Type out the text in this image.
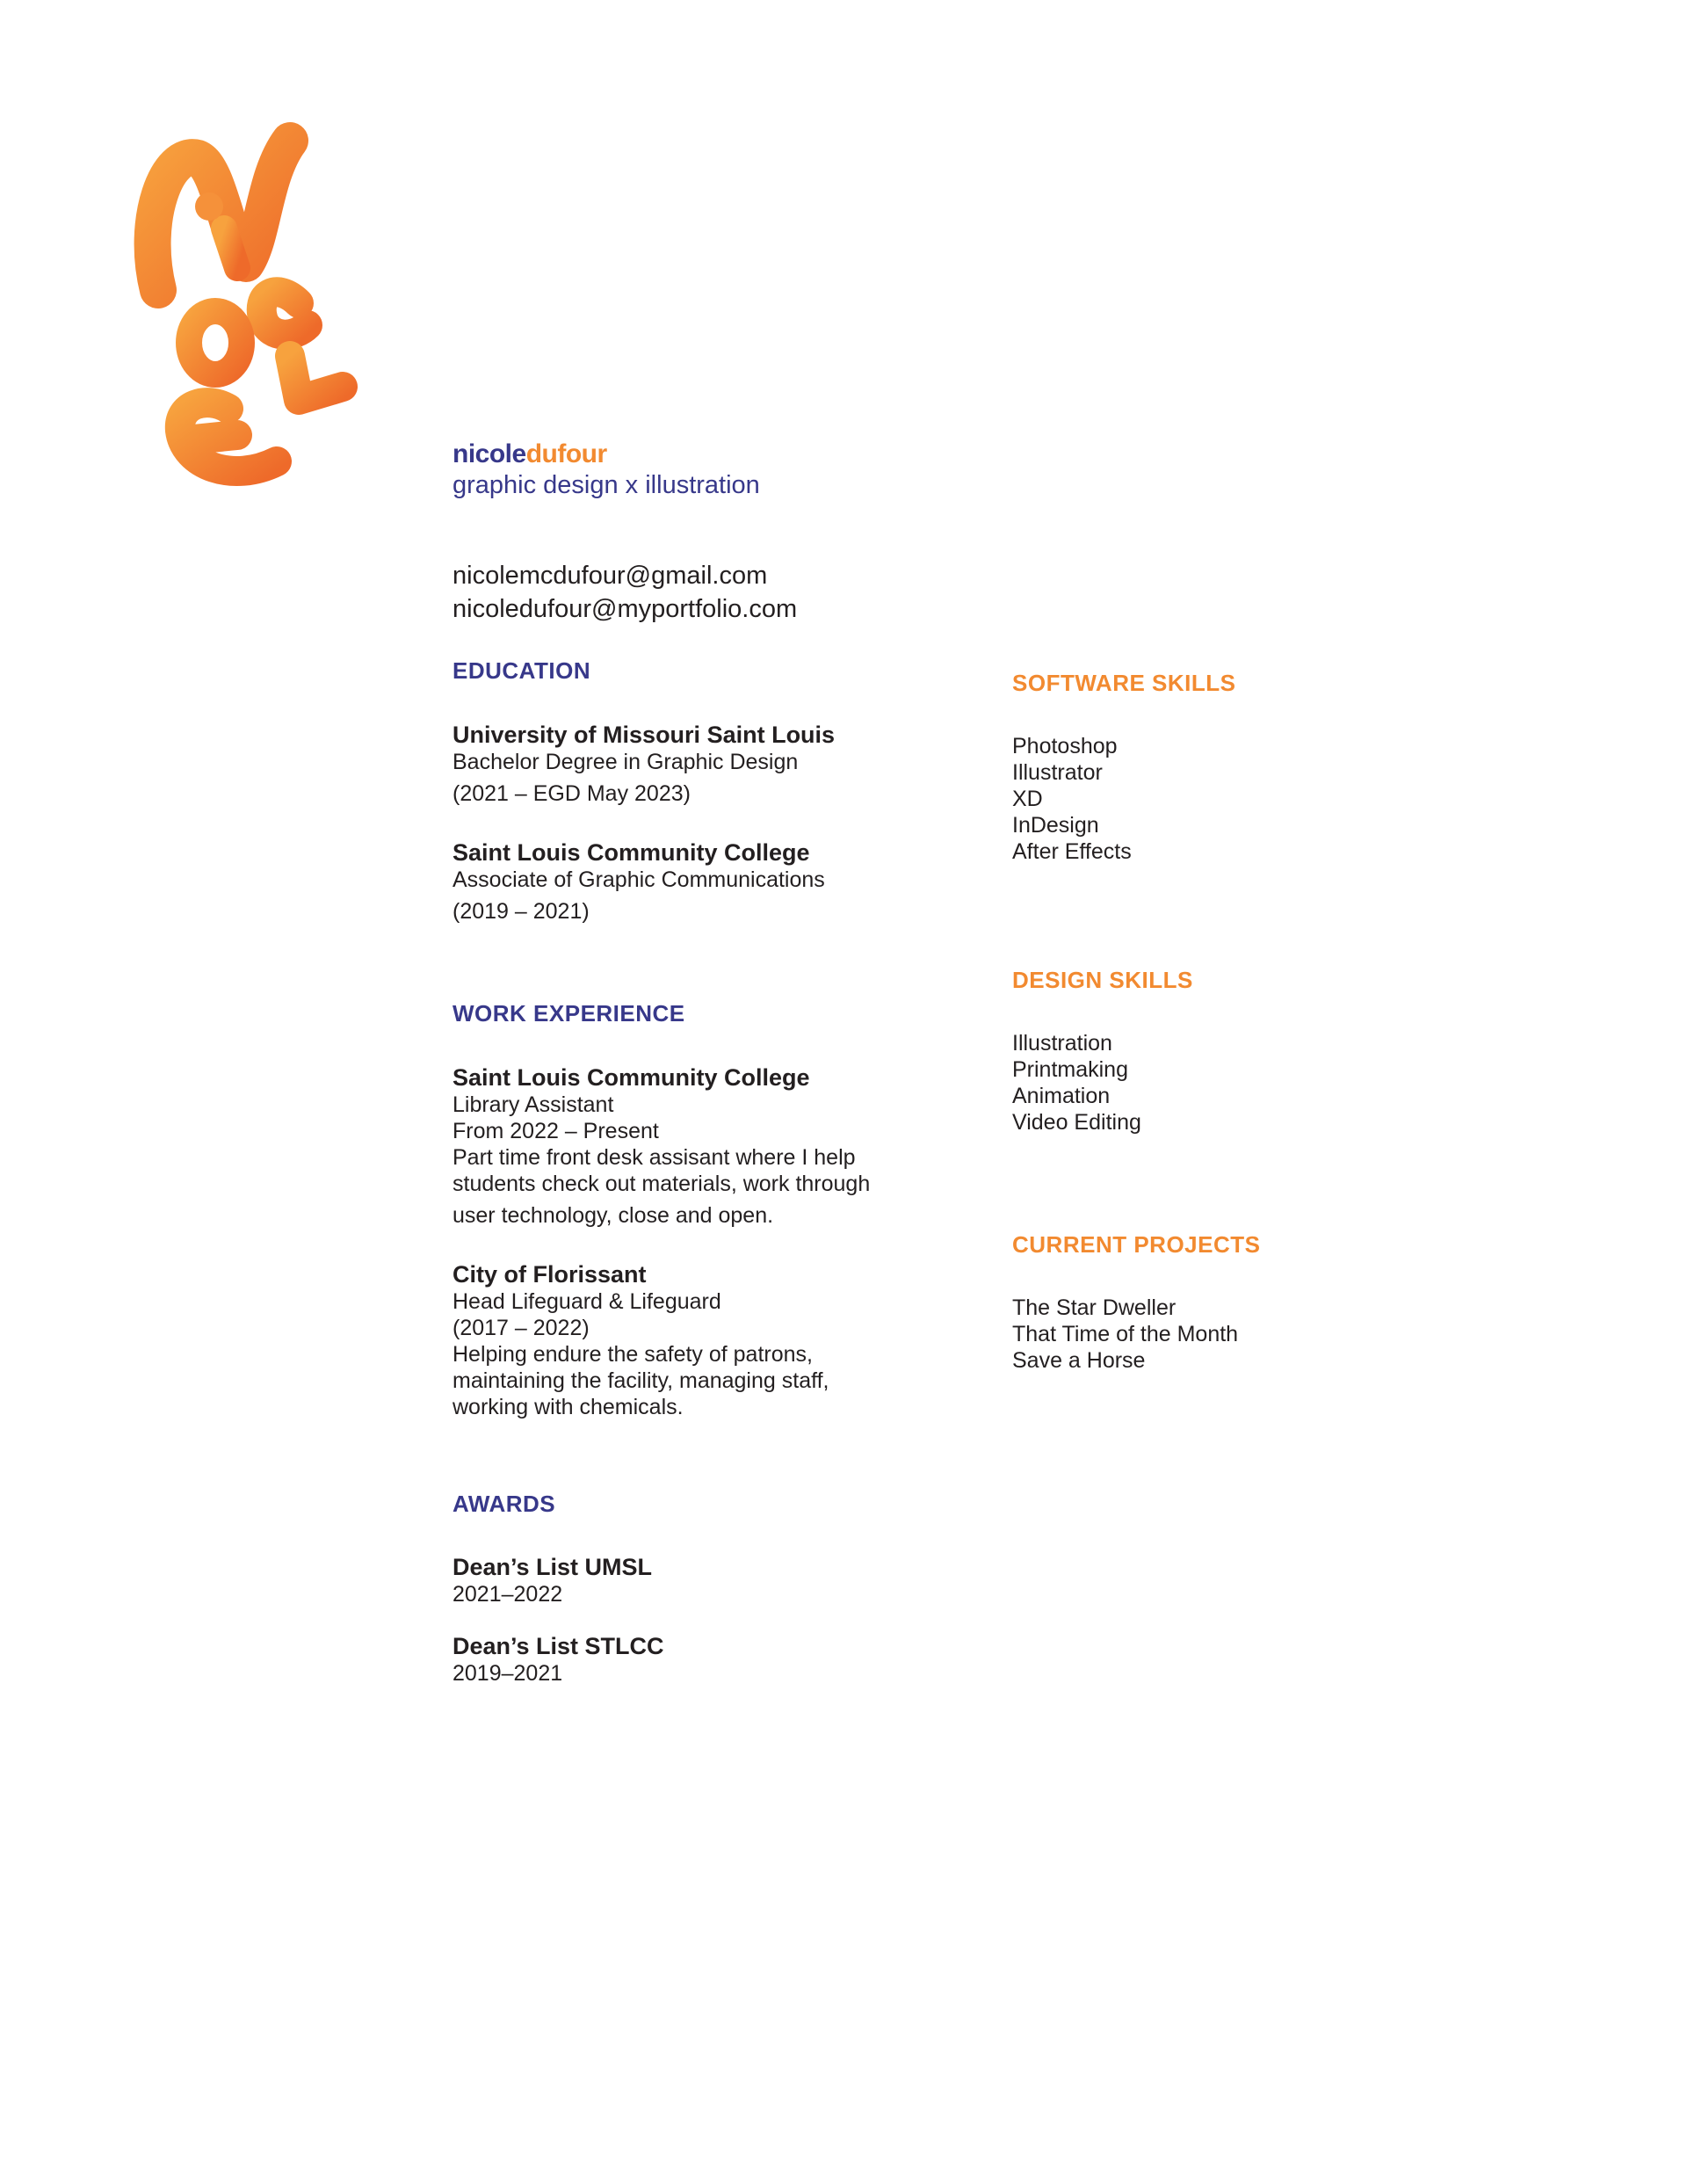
nicoledufour
graphic design x illustration
nicolemcdufour@gmail.com
nicoledufour@myportfolio.com
EDUCATION
University of Missouri Saint Louis
Bachelor Degree in Graphic Design
(2021 – EGD May 2023)
Saint Louis Community College
Associate of Graphic Communications
(2019 – 2021)
WORK EXPERIENCE
Saint Louis Community College
Library Assistant
From 2022 – Present
Part time front desk assisant where I help
students check out materials, work through
user technology, close and open.
City of Florissant
Head Lifeguard & Lifeguard
(2017 – 2022)
Helping endure the safety of patrons,
maintaining the facility, managing staff,
working with chemicals.
AWARDS
Dean’s List UMSL
2021–2022
Dean’s List STLCC
2019–2021
SOFTWARE SKILLS
Photoshop
Illustrator
XD
InDesign
After Effects
DESIGN SKILLS
Illustration
Printmaking
Animation
Video Editing
CURRENT PROJECTS
The Star Dweller
That Time of the Month
Save a Horse
